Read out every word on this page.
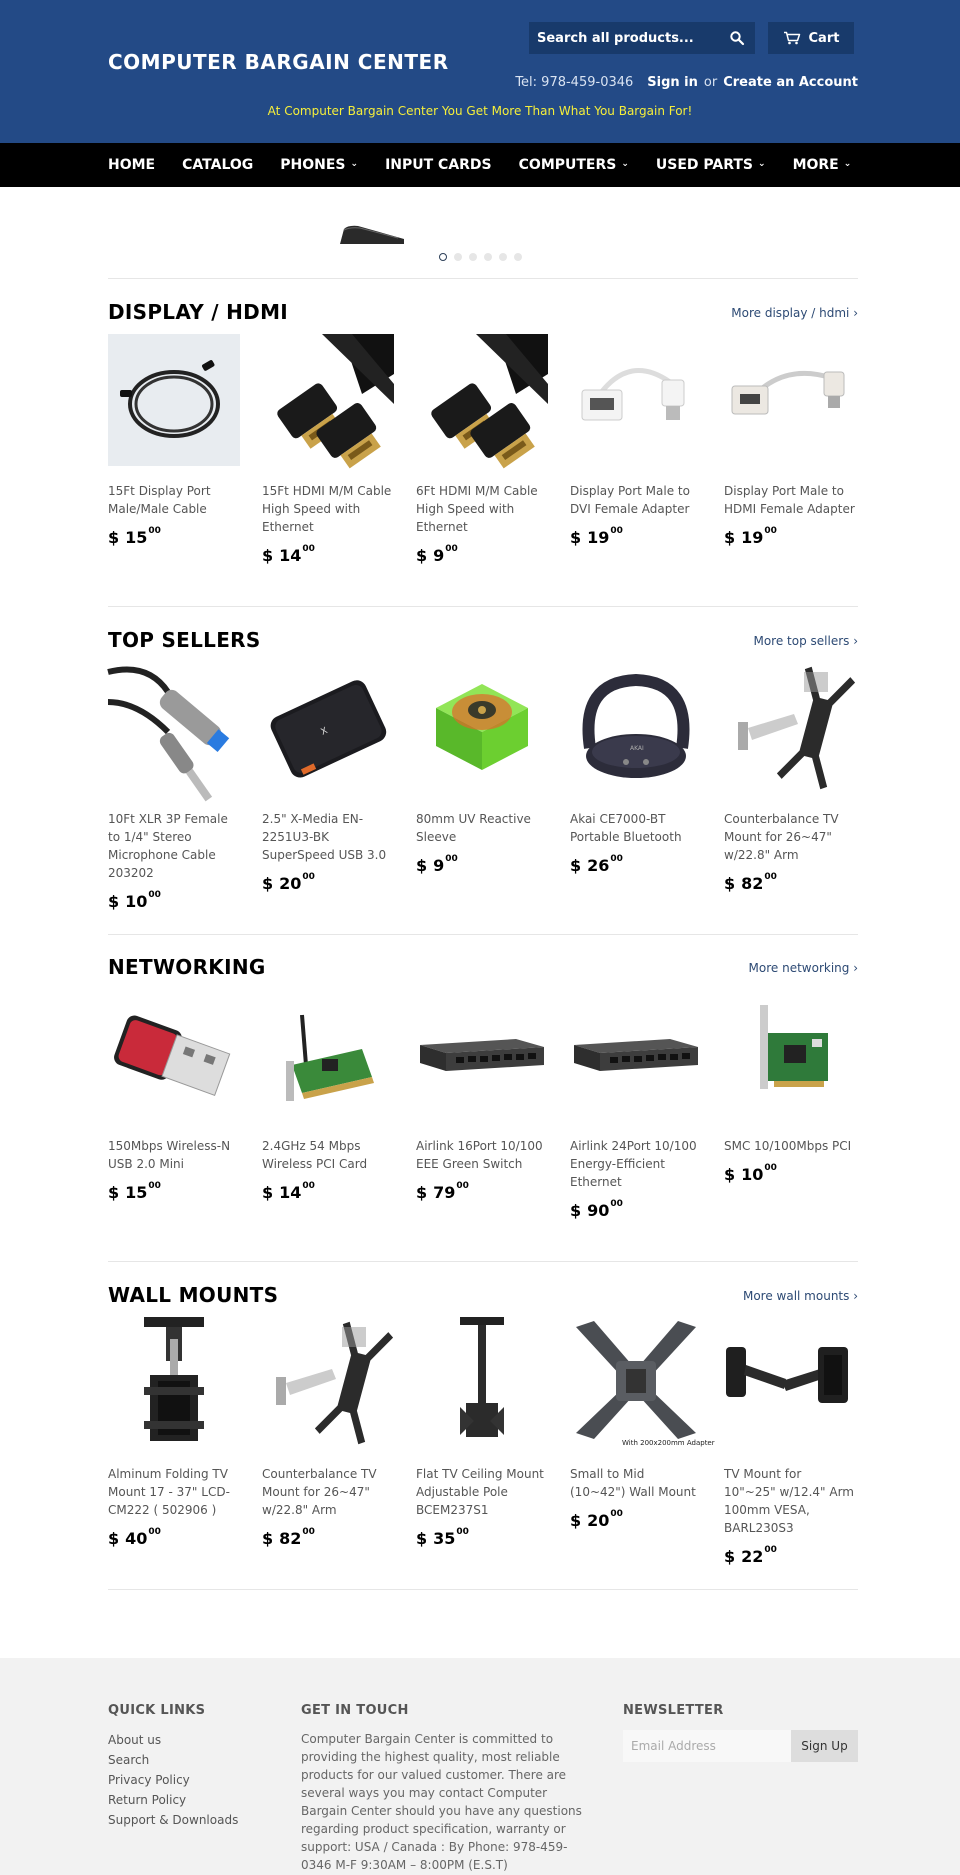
COMPUTER BARGAIN CENTER
Search all products...
Cart
Tel: 978-459-0346 Sign in or Create an Account
At Computer Bargain Center You Get More Than What You Bargain For!
HOME CATALOG PHONES ⌄ INPUT CARDS COMPUTERS ⌄ USED PARTS ⌄ MORE ⌄
DISPLAY / HDMI	More display / hdmi ›
15Ft Display Port Male/Male Cable
$ $15^{00}$
15Ft HDMI M/M Cable High Speed with Ethernet
$ $14^{00}$
6Ft HDMI M/M Cable High Speed with Ethernet
$ $9^{00}$
Display Port Male to DVI Female Adapter
$ $19^{00}$
Display Port Male to HDMI Female Adapter
$ $19^{00}$
TOP SELLERS	More top sellers ›
10Ft XLR 3P Female to 1/4" Stereo Microphone Cable 203202
$ $10^{00}$
X
2.5" X-Media EN-2251U3-BK SuperSpeed USB 3.0
$ $20^{00}$
80mm UV Reactive Sleeve
$ $9^{00}$
AKAI
Akai CE7000-BT Portable Bluetooth
$ $26^{00}$
Counterbalance TV Mount for 26~47" w/22.8" Arm
$ $82^{00}$
NETWORKING	More networking ›
150Mbps Wireless-N USB 2.0 Mini
$ $15^{00}$
2.4GHz 54 Mbps Wireless PCI Card
$ $14^{00}$
Airlink 16Port 10/100 EEE Green Switch
$ $79^{00}$
Airlink 24Port 10/100 Energy-Efficient Ethernet
$ $90^{00}$
SMC 10/100Mbps PCI
$ $10^{00}$
WALL MOUNTS	More wall mounts ›
Alminum Folding TV Mount 17 - 37" LCD-CM222 ( 502906 )
$ $40^{00}$
Counterbalance TV Mount for 26~47" w/22.8" Arm
$ $82^{00}$
Flat TV Ceiling Mount Adjustable Pole BCEM237S1
$ $35^{00}$
With 200x200mm Adapter
Small to Mid (10~42") Wall Mount
$ $20^{00}$
TV Mount for 10"~25" w/12.4" Arm 100mm VESA, BARL230S3
$ $22^{00}$
QUICK LINKS
About us
Search
Privacy Policy
Return Policy
Support & Downloads
GET IN TOUCH
Computer Bargain Center is committed to providing the highest quality, most reliable products for our valued customer. There are several ways you may contact Computer Bargain Center should you have any questions regarding product specification, warranty or support: USA / Canada : By Phone: 978-459-0346 M-F 9:30AM – 8:00PM (E.S.T)
NEWSLETTER
Email Address
Sign Up
